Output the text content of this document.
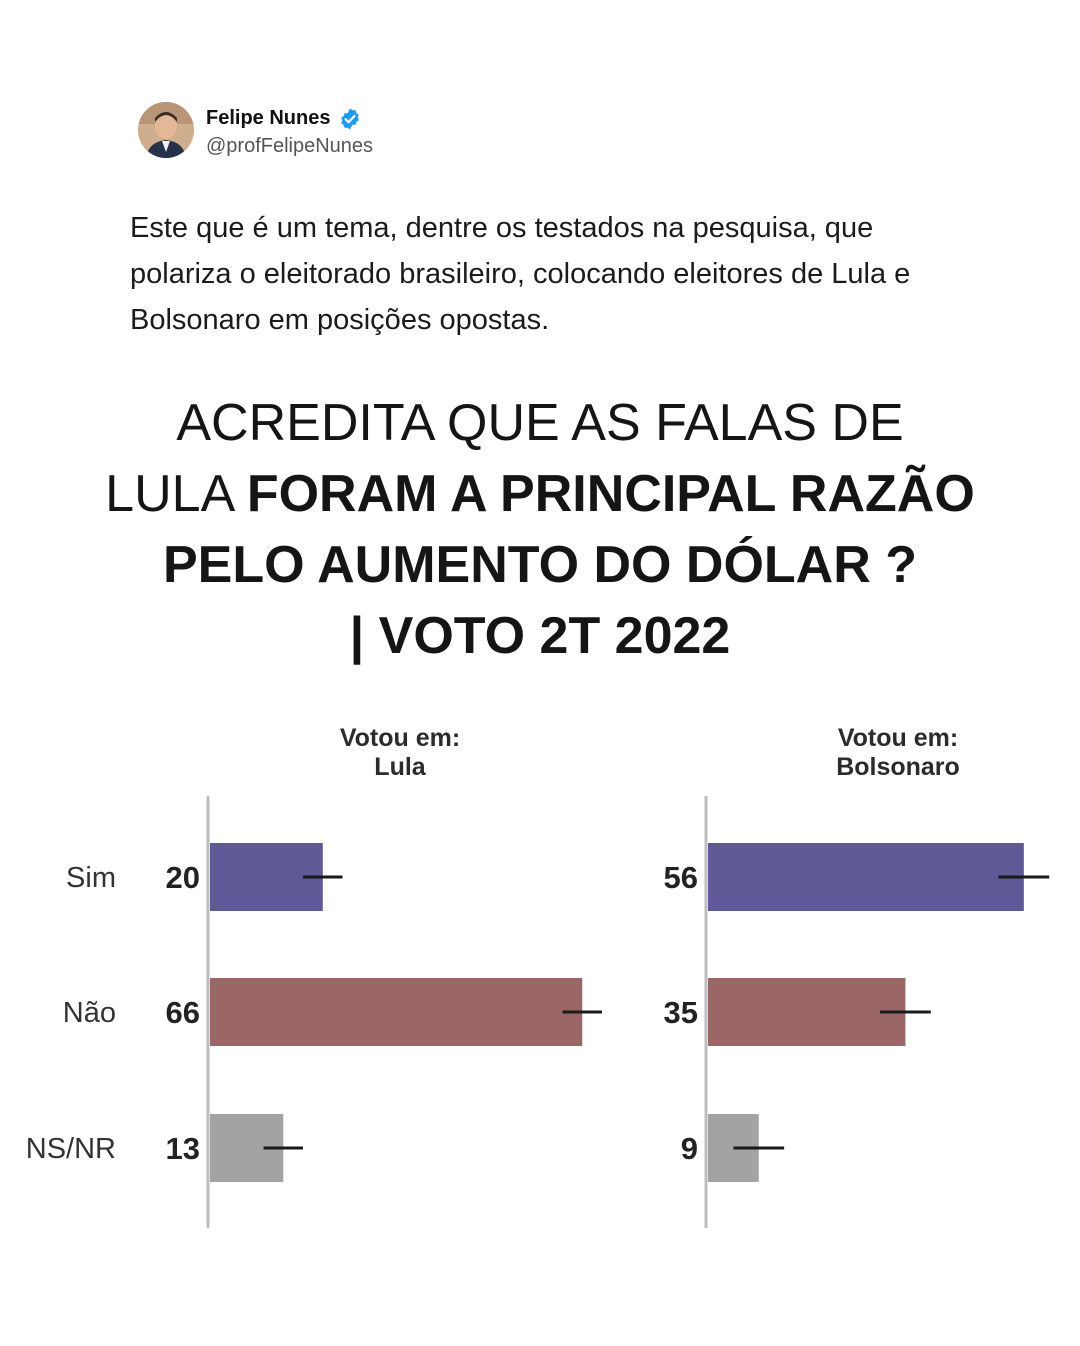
Felipe Nunes
@profFelipeNunes
Este que é um tema, dentre os testados na pesquisa, que polariza o eleitorado brasileiro, colocando eleitores de Lula e Bolsonaro em posições opostas.
ACREDITA QUE AS FALAS DE
LULA FORAM A PRINCIPAL RAZÃO
PELO AUMENTO DO DÓLAR ?
| VOTO 2T 2022
Votou em:
Lula
Sim 20
Não 66
NS/NR 13
Votou em:
Bolsonaro
56
35
9
